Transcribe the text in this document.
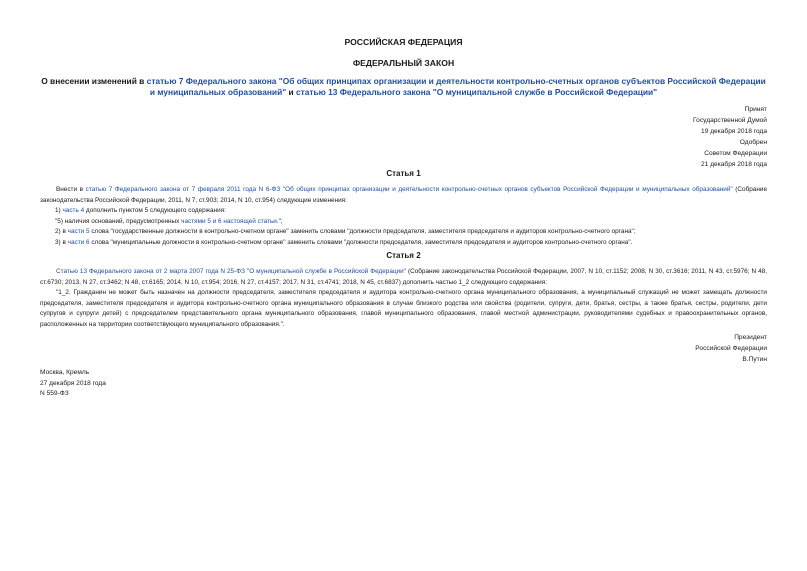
РОССИЙСКАЯ ФЕДЕРАЦИЯ
ФЕДЕРАЛЬНЫЙ ЗАКОН
О внесении изменений в статью 7 Федерального закона "Об общих принципах организации и деятельности контрольно-счетных органов субъектов Российской Федерации и муниципальных образований" и статью 13 Федерального закона "О муниципальной службе в Российской Федерации"
Принят
Государственной Думой
19 декабря 2018 года
Одобрен
Советом Федерации
21 декабря 2018 года
Статья 1

Внести в статью 7 Федерального закона от 7 февраля 2011 года N 6-ФЗ "Об общих принципах организации и деятельности контрольно-счетных органов субъектов Российской Федерации и муниципальных образований" (Собрание законодательства Российской Федерации, 2011, N 7, ст.903; 2014, N 10, ст.954) следующие изменения:

1) часть 4 дополнить пунктом 5 следующего содержания:

"5) наличия оснований, предусмотренных частями 5 и 6 настоящей статьи.";

2) в части 5 слова "государственные должности в контрольно-счетном органе" заменить словами "должности председателя, заместителя председателя и аудиторов контрольно-счетного органа";

3) в части 6 слова "муниципальные должности в контрольно-счетном органе" заменить словами "должности председателя, заместителя председателя и аудиторов контрольно-счетного органа".

Статья 2

Статью 13 Федерального закона от 2 марта 2007 года N 25-ФЗ "О муниципальной службе в Российской Федерации" (Собрание законодательства Российской Федерации, 2007, N 10, ст.1152; 2008, N 30, ст.3616; 2011, N 43, ст.5976; N 48, ст.6730; 2013, N 27, ст.3462; N 48, ст.6165; 2014, N 10, ст.954; 2016, N 27, ст.4157; 2017, N 31, ст.4741; 2018, N 45, ст.6837) дополнить частью 1_2 следующего содержания:

"1_2. Гражданин не может быть назначен на должности председателя, заместителя председателя и аудитора контрольно-счетного органа муниципального образования, а муниципальный служащий не может замещать должности председателя, заместителя председателя и аудитора контрольно-счетного органа муниципального образования в случае близкого родства или свойства (родители, супруги, дети, братья, сестры, а также братья, сестры, родители, дети супругов и супруги детей) с председателем представительного органа муниципального образования, главой муниципального образования, главой местной администрации, руководителями судебных и правоохранительных органов, расположенных на территории соответствующего муниципального образования.".

Президент
Российской Федерации
В.Путин
Москва, Кремль
27 декабря 2018 года
N 559-ФЗ
